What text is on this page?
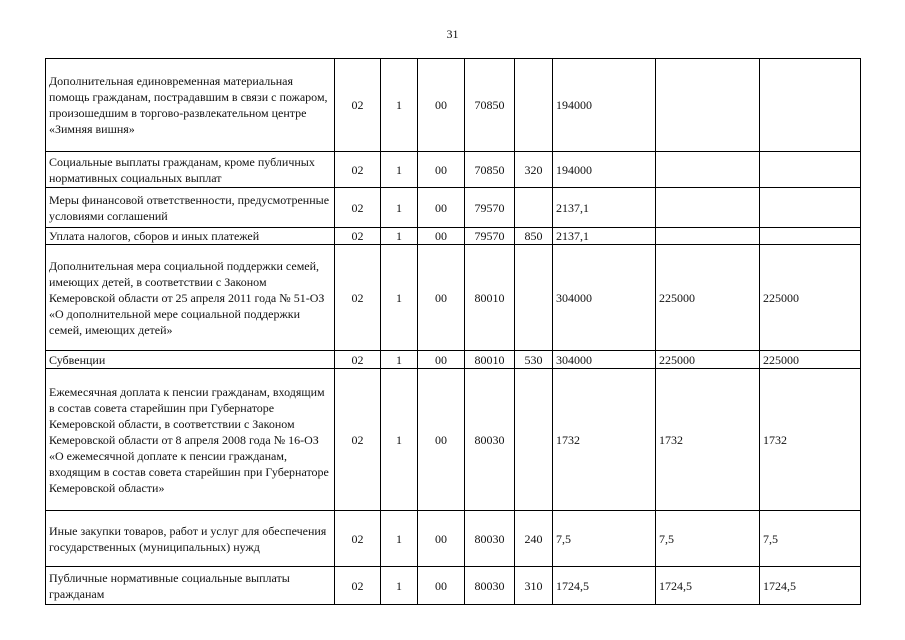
31
Дополнительная единовременная материальная помощь гражданам, пострадавшим в связи с пожаром, произошедшим в торгово-развлекательном центре «Зимняя вишня»	02	1	00	70850		194000		
Социальные выплаты гражданам, кроме публичных нормативных социальных выплат	02	1	00	70850	320	194000		
Меры финансовой ответственности, предусмотренные условиями соглашений	02	1	00	79570		2137,1		
Уплата налогов, сборов и иных платежей	02	1	00	79570	850	2137,1		
Дополнительная мера социальной поддержки семей, имеющих детей, в соответствии с Законом Кемеровской области от 25 апреля 2011 года № 51-ОЗ «О дополнительной мере социальной поддержки семей, имеющих детей»	02	1	00	80010		304000	225000	225000
Субвенции	02	1	00	80010	530	304000	225000	225000
Ежемесячная доплата к пенсии гражданам, входящим в состав совета старейшин при Губернаторе Кемеровской области, в соответствии с Законом Кемеровской области от 8 апреля 2008 года № 16-ОЗ «О ежемесячной доплате к пенсии гражданам, входящим в состав совета старейшин при Губернаторе Кемеровской области»	02	1	00	80030		1732	1732	1732
Иные закупки товаров, работ и услуг для обеспечения государственных (муниципальных) нужд	02	1	00	80030	240	7,5	7,5	7,5
Публичные нормативные социальные выплаты гражданам	02	1	00	80030	310	1724,5	1724,5	1724,5
